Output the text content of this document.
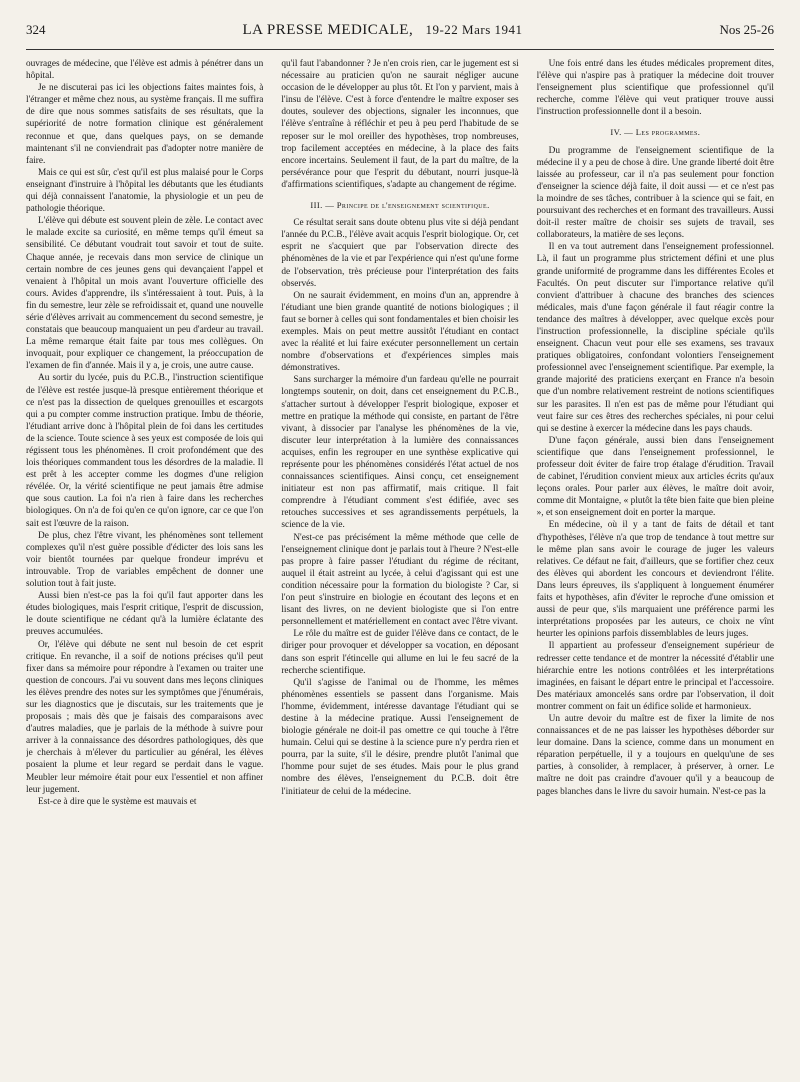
324	LA PRESSE MEDICALE, 19-22 Mars 1941	Nos 25-26

ouvrages de médecine, que l'élève est admis à pénétrer dans un hôpital.

Je ne discuterai pas ici les objections faites maintes fois, à l'étranger et même chez nous, au système français. Il me suffira de dire que nous sommes satisfaits de ses résultats, que la supériorité de notre formation clinique est généralement reconnue et que, dans quelques pays, on se demande maintenant s'il ne conviendrait pas d'adopter notre manière de faire.

Mais ce qui est sûr, c'est qu'il est plus malaisé pour le Corps enseignant d'instruire à l'hôpital les débutants que les étudiants qui déjà connaissent l'anatomie, la physiologie et un peu de pathologie théorique.

L'élève qui débute est souvent plein de zèle. Le contact avec le malade excite sa curiosité, en même temps qu'il émeut sa sensibilité. Ce débutant voudrait tout savoir et tout de suite. Chaque année, je recevais dans mon service de clinique un certain nombre de ces jeunes gens qui devançaient l'appel et venaient à l'hôpital un mois avant l'ouverture officielle des cours. Avides d'apprendre, ils s'intéressaient à tout. Puis, à la fin du semestre, leur zèle se refroidissait et, quand une nouvelle série d'élèves arrivait au commencement du second semestre, je constatais que beaucoup manquaient un peu d'ardeur au travail. La même remarque était faite par tous mes collègues. On invoquait, pour expliquer ce changement, la préoccupation de l'examen de fin d'année. Mais il y a, je crois, une autre cause.

Au sortir du lycée, puis du P.C.B., l'instruction scientifique de l'élève est restée jusque-là presque entièrement théorique et ce n'est pas la dissection de quelques grenouilles et escargots qui a pu compter comme instruction pratique. Imbu de théorie, l'étudiant arrive donc à l'hôpital plein de foi dans les certitudes de la science. Toute science à ses yeux est composée de lois qui régissent tous les phénomènes. Il croit profondément que des lois théoriques commandent tous les désordres de la maladie. Il est prêt à les accepter comme les dogmes d'une religion révélée. Or, la vérité scientifique ne peut jamais être admise que sous caution. La foi n'a rien à faire dans les recherches biologiques. On n'a de foi qu'en ce qu'on ignore, car ce que l'on sait est l'œuvre de la raison.

De plus, chez l'être vivant, les phénomènes sont tellement complexes qu'il n'est guère possible d'édicter des lois sans les voir bientôt tournées par quelque frondeur imprévu et introuvable. Trop de variables empêchent de donner une solution tout à fait juste.

Aussi bien n'est-ce pas la foi qu'il faut apporter dans les études biologiques, mais l'esprit critique, l'esprit de discussion, le doute scientifique ne cédant qu'à la lumière éclatante des preuves accumulées.

Or, l'élève qui débute ne sent nul besoin de cet esprit critique. En revanche, il a soif de notions précises qu'il peut fixer dans sa mémoire pour répondre à l'examen ou traiter une question de concours. J'ai vu souvent dans mes leçons cliniques les élèves prendre des notes sur les symptômes que j'énumérais, sur les diagnostics que je discutais, sur les traitements que je proposais ; mais dès que je faisais des comparaisons avec d'autres maladies, que je parlais de la méthode à suivre pour arriver à la connaissance des désordres pathologiques, dès que je cherchais à m'élever du particulier au général, les élèves posaient la plume et leur regard se perdait dans le vague. Meubler leur mémoire était pour eux l'essentiel et non affiner leur jugement.

Est-ce à dire que le système est mauvais et

qu'il faut l'abandonner ? Je n'en crois rien, car le jugement est si nécessaire au praticien qu'on ne saurait négliger aucune occasion de le développer au plus tôt. Et l'on y parvient, mais à l'insu de l'élève. C'est à force d'entendre le maître exposer ses doutes, soulever des objections, signaler les inconnues, que l'élève s'entraîne à réfléchir et peu à peu perd l'habitude de se reposer sur le mol oreiller des hypothèses, trop nombreuses, trop facilement acceptées en médecine, à la place des faits encore incertains. Seulement il faut, de la part du maître, de la persévérance pour que l'esprit du débutant, nourri jusque-là d'affirmations scientifiques, s'adapte au changement de régime.

III. — Principe de l'enseignement scientifique.

Ce résultat serait sans doute obtenu plus vite si déjà pendant l'année du P.C.B., l'élève avait acquis l'esprit biologique. Or, cet esprit ne s'acquiert que par l'observation directe des phénomènes de la vie et par l'expérience qui n'est qu'une forme de l'observation, très précieuse pour l'interprétation des faits observés.

On ne saurait évidemment, en moins d'un an, apprendre à l'étudiant une bien grande quantité de notions biologiques ; il faut se borner à celles qui sont fondamentales et bien choisir les exemples. Mais on peut mettre aussitôt l'étudiant en contact avec la réalité et lui faire exécuter personnellement un certain nombre d'observations et d'expériences simples mais démonstratives.

Sans surcharger la mémoire d'un fardeau qu'elle ne pourrait longtemps soutenir, on doit, dans cet enseignement du P.C.B., s'attacher surtout à développer l'esprit biologique, exposer et mettre en pratique la méthode qui consiste, en partant de l'être vivant, à dissocier par l'analyse les phénomènes de la vie, discuter leur interprétation à la lumière des connaissances acquises, enfin les regrouper en une synthèse explicative qui représente pour les phénomènes considérés l'état actuel de nos connaissances scientifiques. Ainsi conçu, cet enseignement initiateur est non pas affirmatif, mais critique. Il fait comprendre à l'étudiant comment s'est édifiée, avec ses retouches successives et ses agrandissements perpétuels, la science de la vie.

N'est-ce pas précisément la même méthode que celle de l'enseignement clinique dont je parlais tout à l'heure ? N'est-elle pas propre à faire passer l'étudiant du régime de récitant, auquel il était astreint au lycée, à celui d'agissant qui est une condition nécessaire pour la formation du biologiste ? Car, si l'on peut s'instruire en biologie en écoutant des leçons et en lisant des livres, on ne devient biologiste que si l'on entre personnellement et matériellement en contact avec l'être vivant.

Le rôle du maître est de guider l'élève dans ce contact, de le diriger pour provoquer et développer sa vocation, en déposant dans son esprit l'étincelle qui allume en lui le feu sacré de la recherche scientifique.

Qu'il s'agisse de l'animal ou de l'homme, les mêmes phénomènes essentiels se passent dans l'organisme. Mais l'homme, évidemment, intéresse davantage l'étudiant qui se destine à la médecine pratique. Aussi l'enseignement de biologie générale ne doit-il pas omettre ce qui touche à l'être humain. Celui qui se destine à la science pure n'y perdra rien et pourra, par la suite, s'il le désire, prendre plutôt l'animal que l'homme pour sujet de ses études. Mais pour le plus grand nombre des élèves, l'enseignement du P.C.B. doit être l'initiateur de celui de la médecine.

Une fois entré dans les études médicales proprement dites, l'élève qui n'aspire pas à pratiquer la médecine doit trouver l'enseignement plus scientifique que professionnel qu'il recherche, comme l'élève qui veut pratiquer trouve aussi l'instruction professionnelle dont il a besoin.

IV. — Les programmes.

Du programme de l'enseignement scientifique de la médecine il y a peu de chose à dire. Une grande liberté doit être laissée au professeur, car il n'a pas seulement pour fonction d'enseigner la science déjà faite, il doit aussi — et ce n'est pas la moindre de ses tâches, contribuer à la science qui se fait, en poursuivant des recherches et en formant des travailleurs. Aussi doit-il rester maître de choisir ses sujets de travail, ses collaborateurs, la matière de ses leçons.

Il en va tout autrement dans l'enseignement professionnel. Là, il faut un programme plus strictement défini et une plus grande uniformité de programme dans les différentes Ecoles et Facultés. On peut discuter sur l'importance relative qu'il convient d'attribuer à chacune des branches des sciences médicales, mais d'une façon générale il faut réagir contre la tendance des maîtres à développer, avec quelque excès pour l'instruction professionnelle, la discipline spéciale qu'ils enseignent. Chacun veut pour elle ses examens, ses travaux pratiques obligatoires, confondant volontiers l'enseignement professionnel avec l'enseignement scientifique. Par exemple, la grande majorité des praticiens exerçant en France n'a besoin que d'un nombre relativement restreint de notions scientifiques sur les parasites. Il n'en est pas de même pour l'étudiant qui veut faire sur ces êtres des recherches spéciales, ni pour celui qui se destine à exercer la médecine dans les pays chauds.

D'une façon générale, aussi bien dans l'enseignement scientifique que dans l'enseignement professionnel, le professeur doit éviter de faire trop étalage d'érudition. Travail de cabinet, l'érudition convient mieux aux articles écrits qu'aux leçons orales. Pour parler aux élèves, le maître doit avoir, comme dit Montaigne, « plutôt la tête bien faite que bien pleine », et son enseignement doit en porter la marque.

En médecine, où il y a tant de faits de détail et tant d'hypothèses, l'élève n'a que trop de tendance à tout mettre sur le même plan sans avoir le courage de juger les valeurs relatives. Ce défaut ne fait, d'ailleurs, que se fortifier chez ceux des élèves qui abordent les concours et deviendront l'élite. Dans leurs épreuves, ils s'appliquent à longuement énumérer faits et hypothèses, afin d'éviter le reproche d'une omission et aussi de peur que, s'ils marquaient une préférence parmi les interprétations proposées par les auteurs, ce choix ne vînt heurter les opinions parfois dissemblables de leurs juges.

Il appartient au professeur d'enseignement supérieur de redresser cette tendance et de montrer la nécessité d'établir une hiérarchie entre les notions contrôlées et les interprétations imaginées, en faisant le départ entre le principal et l'accessoire. Des matériaux amoncelés sans ordre par l'observation, il doit montrer comment on fait un édifice solide et harmonieux.

Un autre devoir du maître est de fixer la limite de nos connaissances et de ne pas laisser les hypothèses déborder sur leur domaine. Dans la science, comme dans un monument en réparation perpétuelle, il y a toujours en quelqu'une de ses parties, à consolider, à remplacer, à préserver, à orner. Le maître ne doit pas craindre d'avouer qu'il y a beaucoup de pages blanches dans le livre du savoir humain. N'est-ce pas la
